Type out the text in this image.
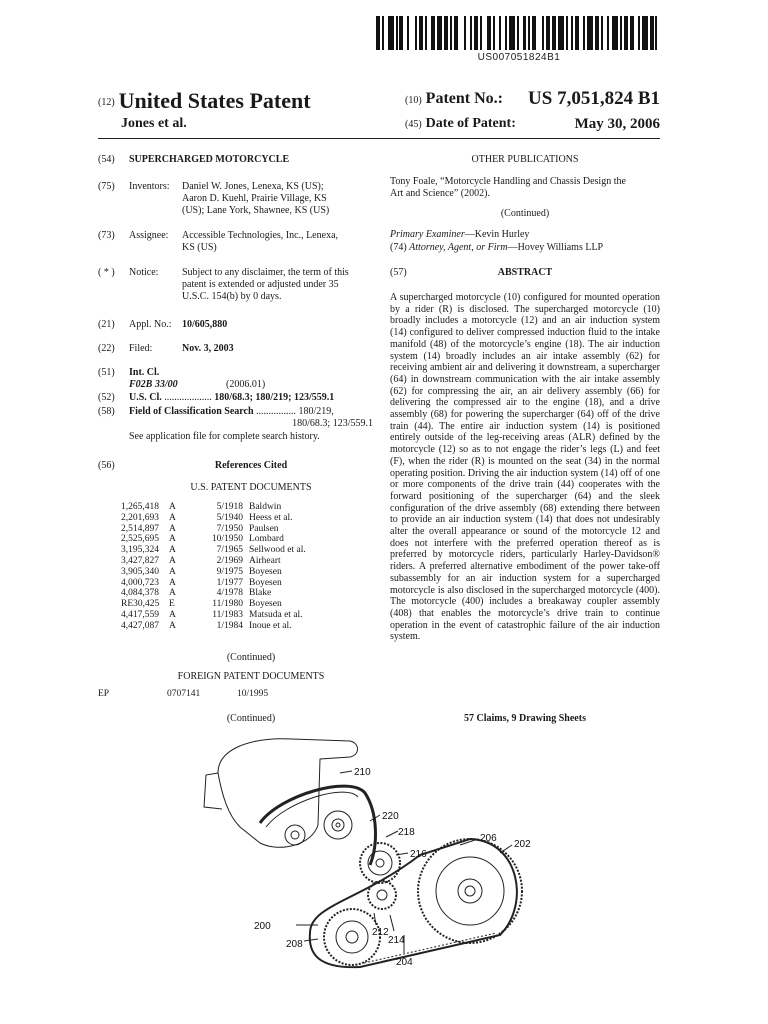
US007051824B1
(12) United States Patent
Jones et al.
(10) Patent No.: US 7,051,824 B1
(45) Date of Patent:	May 30, 2006
(54) SUPERCHARGED MOTORCYCLE
(75) Inventors: Daniel W. Jones, Lenexa, KS (US);
Aaron D. Kuehl, Prairie Village, KS
(US); Lane York, Shawnee, KS (US)
(73) Assignee: Accessible Technologies, Inc., Lenexa,
KS (US)
( * ) Notice: Subject to any disclaimer, the term of this
patent is extended or adjusted under 35
U.S.C. 154(b) by 0 days.
(21) Appl. No.: 10/605,880
(22) Filed:	Nov. 3, 2003
(51) Int. Cl.
F02B 33/00	(2006.01)
(52) U.S. Cl. ................... 180/68.3; 180/219; 123/559.1
(58) Field of Classification Search ................ 180/219,
180/68.3; 123/559.1
See application file for complete search history.
(56)	References Cited
U.S. PATENT DOCUMENTS
1,265,418 A	5/1918 Baldwin
2,201,693 A	5/1940 Heess et al.
2,514,897 A	7/1950 Paulsen
2,525,695 A	10/1950 Lombard
3,195,324 A	7/1965 Sellwood et al.
3,427,827 A	2/1969 Airheart
3,905,340 A	9/1975 Boyesen
4,000,723 A	1/1977 Boyesen
4,084,378 A	4/1978 Blake
RE30,425 E	11/1980 Boyesen
4,417,559 A	11/1983 Matsuda et al.
4,427,087 A	1/1984 Inoue et al.
(Continued)
FOREIGN PATENT DOCUMENTS
EP	0707141	10/1995
(Continued)
OTHER PUBLICATIONS
Tony Foale, “Motorcycle Handling and Chassis Design the
Art and Science” (2002).
(Continued)
Primary Examiner—Kevin Hurley
(74) Attorney, Agent, or Firm—Hovey Williams LLP
(57)	ABSTRACT
A supercharged motorcycle (10) configured for mounted operation by a rider (R) is disclosed. The supercharged motorcycle (10) broadly includes a motorcycle (12) and an air induction system (14) configured to deliver compressed induction fluid to the intake manifold (48) of the motorcycle’s engine (18). The air induction system (14) broadly includes an air intake assembly (62) for receiving ambient air and delivering it downstream, a supercharger (64) in downstream communication with the air intake assembly (62) for compressing the air, an air delivery assembly (66) for delivering the compressed air to the engine (18), and a drive assembly (68) for powering the supercharger (64) off of the drive train (44). The entire air induction system (14) is positioned entirely outside of the leg-receiving areas (ALR) defined by the motorcycle (12) so as to not engage the rider’s legs (L) and feet (F), when the rider (R) is mounted on the seat (34) in the normal operating position. Driving the air induction system (14) off of one or more components of the drive train (44) cooperates with the forward positioning of the supercharger (64) and the sleek configuration of the drive assembly (68) extending there between to provide an air induction system (14) that does not undesirably alter the overall appearance or sound of the motorcycle 12 and does not interfere with the preferred operation thereof as is preferred by motorcycle riders, particularly Harley-Davidson® riders. A preferred alternative embodiment of the power take-off subassembly for an air induction system for a supercharged motorcycle is also disclosed in the supercharged motorcycle (400). The motorcycle (400) includes a breakaway coupler assembly (408) that enables the motorcycle’s drive train to continue operation in the event of catastrophic failure of the air induction system.
57 Claims, 9 Drawing Sheets
210
220
218
216
206
202
200
212
214
208
204
